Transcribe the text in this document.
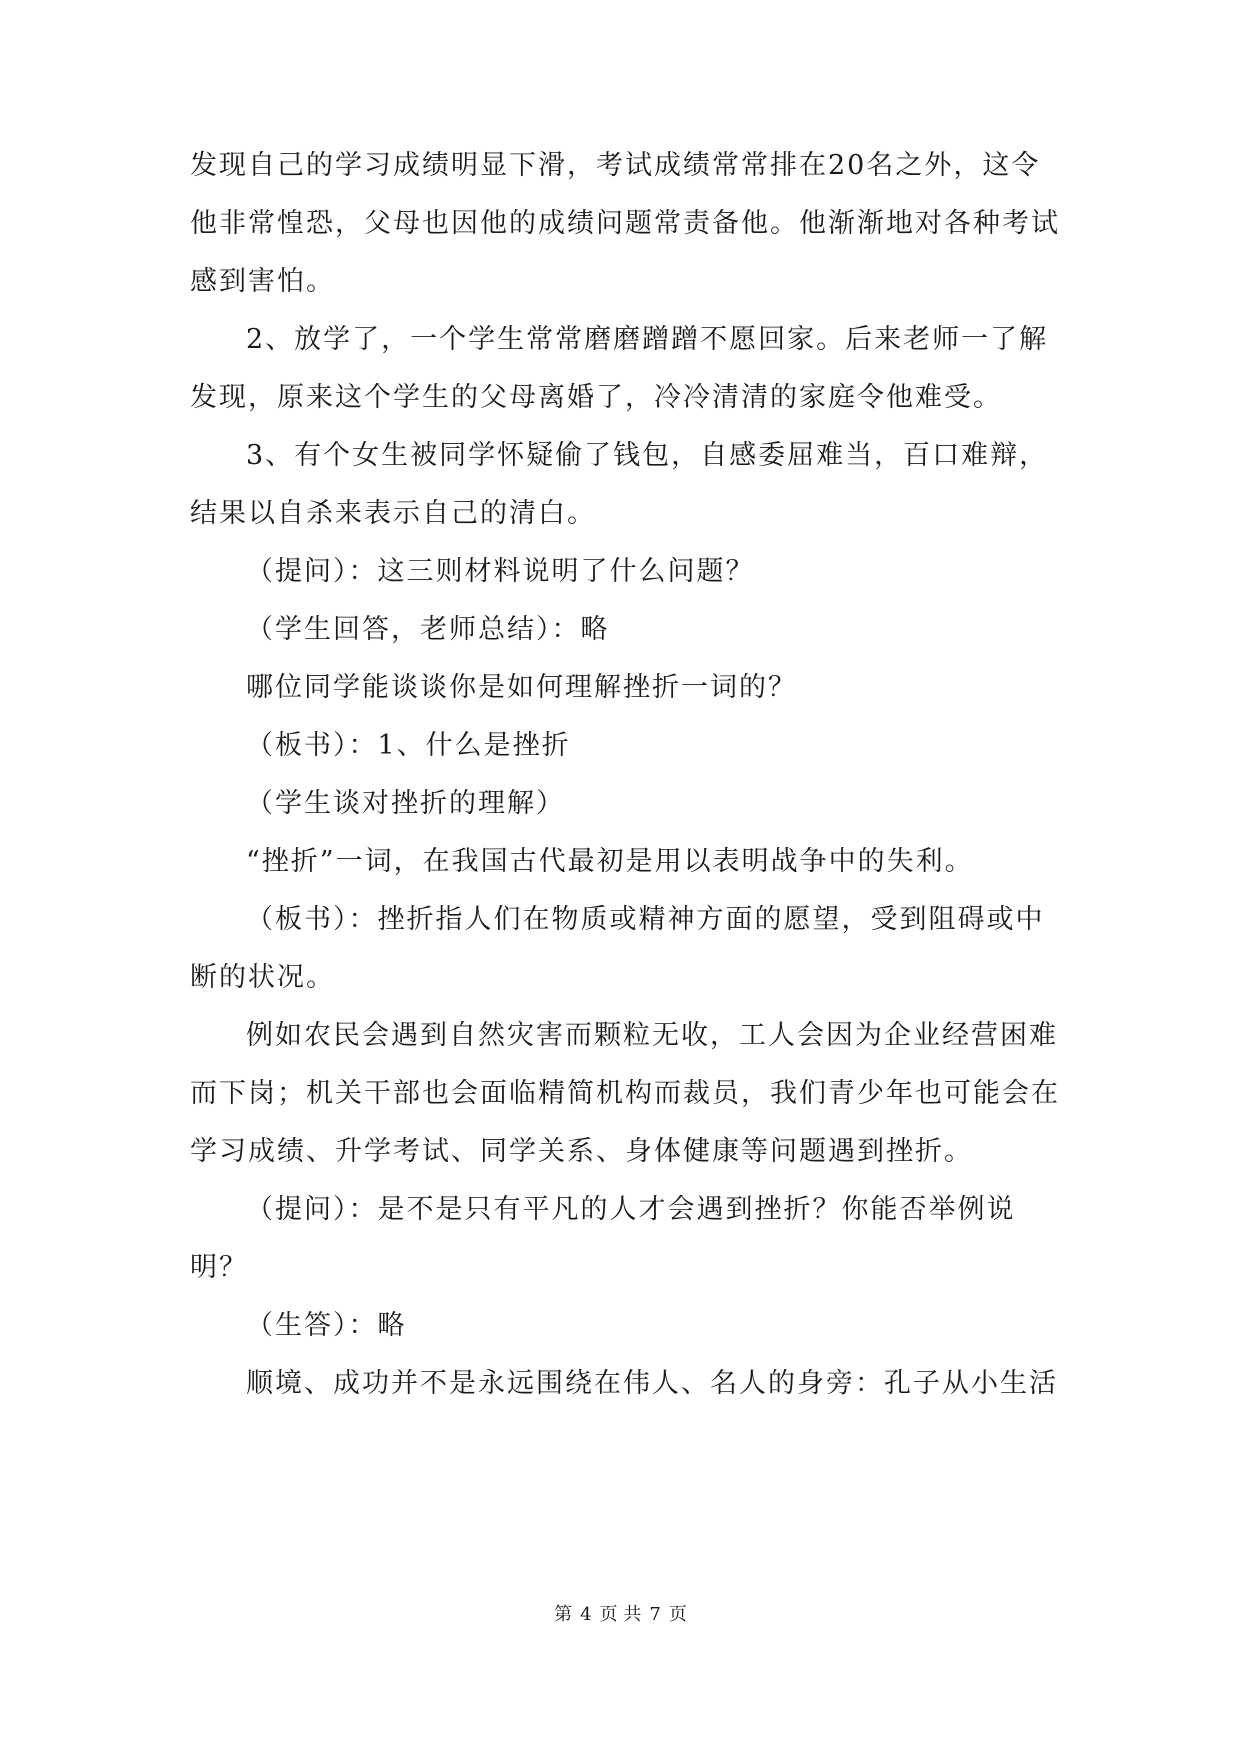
发现自己的学习成绩明显下滑，考试成绩常常排在20名之外，这令
他非常惶恐，父母也因他的成绩问题常责备他。他渐渐地对各种考试
感到害怕。
2、放学了，一个学生常常磨磨蹭蹭不愿回家。后来老师一了解
发现，原来这个学生的父母离婚了，冷冷清清的家庭令他难受。
3、有个女生被同学怀疑偷了钱包，自感委屈难当，百口难辩，
结果以自杀来表示自己的清白。
（提问）：这三则材料说明了什么问题？
（学生回答，老师总结）：略
哪位同学能谈谈你是如何理解挫折一词的？
（板书）：1、什么是挫折
（学生谈对挫折的理解）
“挫折”一词，在我国古代最初是用以表明战争中的失利。
（板书）：挫折指人们在物质或精神方面的愿望，受到阻碍或中
断的状况。
例如农民会遇到自然灾害而颗粒无收，工人会因为企业经营困难
而下岗；机关干部也会面临精简机构而裁员，我们青少年也可能会在
学习成绩、升学考试、同学关系、身体健康等问题遇到挫折。
（提问）：是不是只有平凡的人才会遇到挫折？你能否举例说
明？
（生答）：略
顺境、成功并不是永远围绕在伟人、名人的身旁：孔子从小生活
第 4 页 共 7 页
